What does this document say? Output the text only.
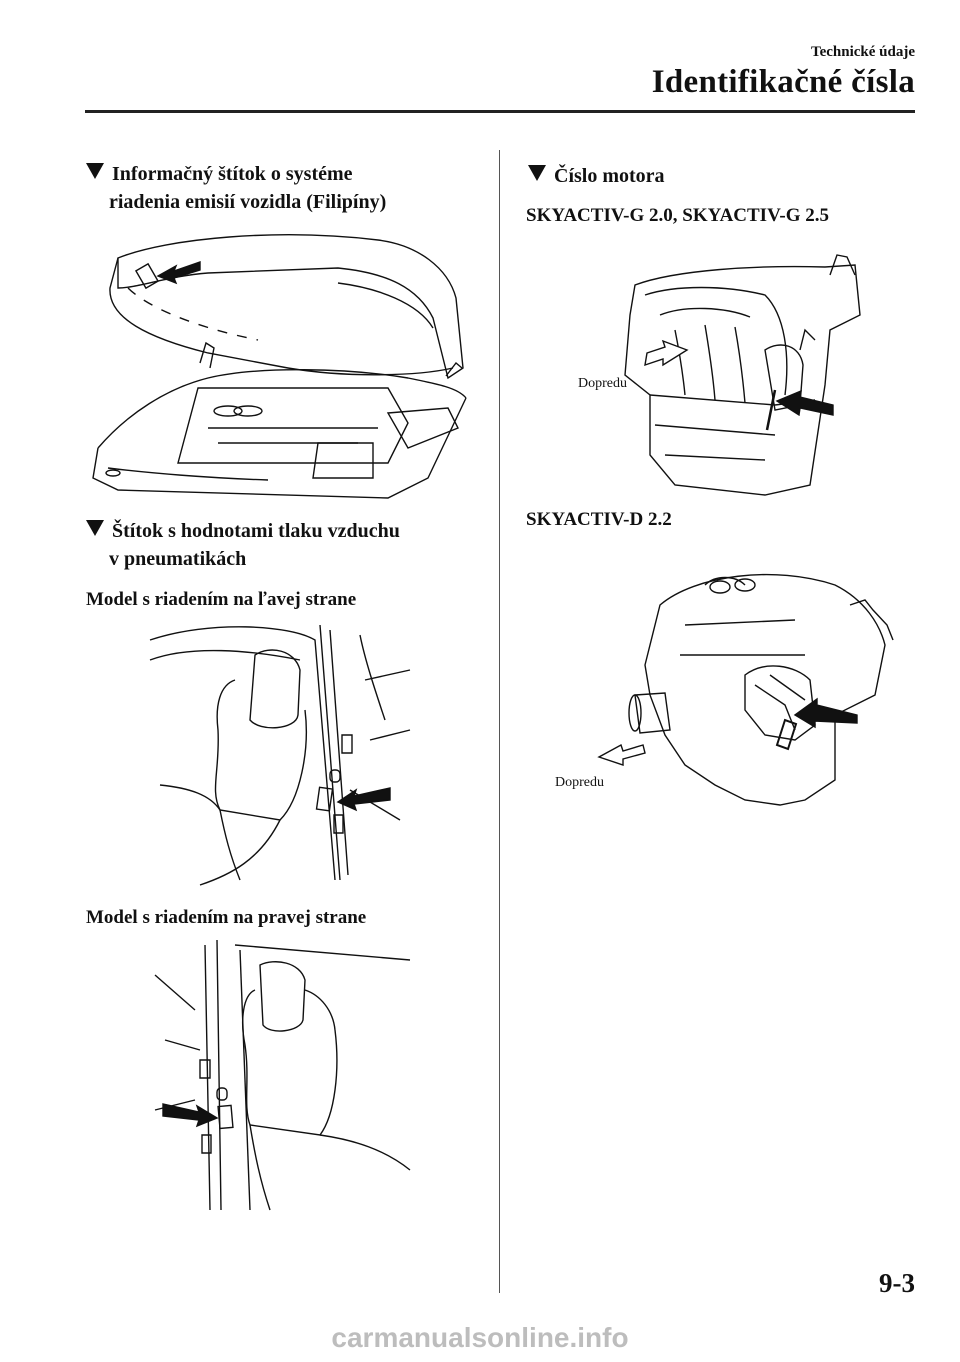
Technické údaje
Identifikačné čísla
Informačný štítok o systéme
riadenia emisií vozidla (Filipíny)
Štítok s hodnotami tlaku vzduchu
v pneumatikách
Model s riadením na ľavej strane
Model s riadením na pravej strane
Číslo motora
SKYACTIV-G 2.0, SKYACTIV-G 2.5
Dopredu
SKYACTIV-D 2.2
Dopredu
9-3
carmanualsonline.info
